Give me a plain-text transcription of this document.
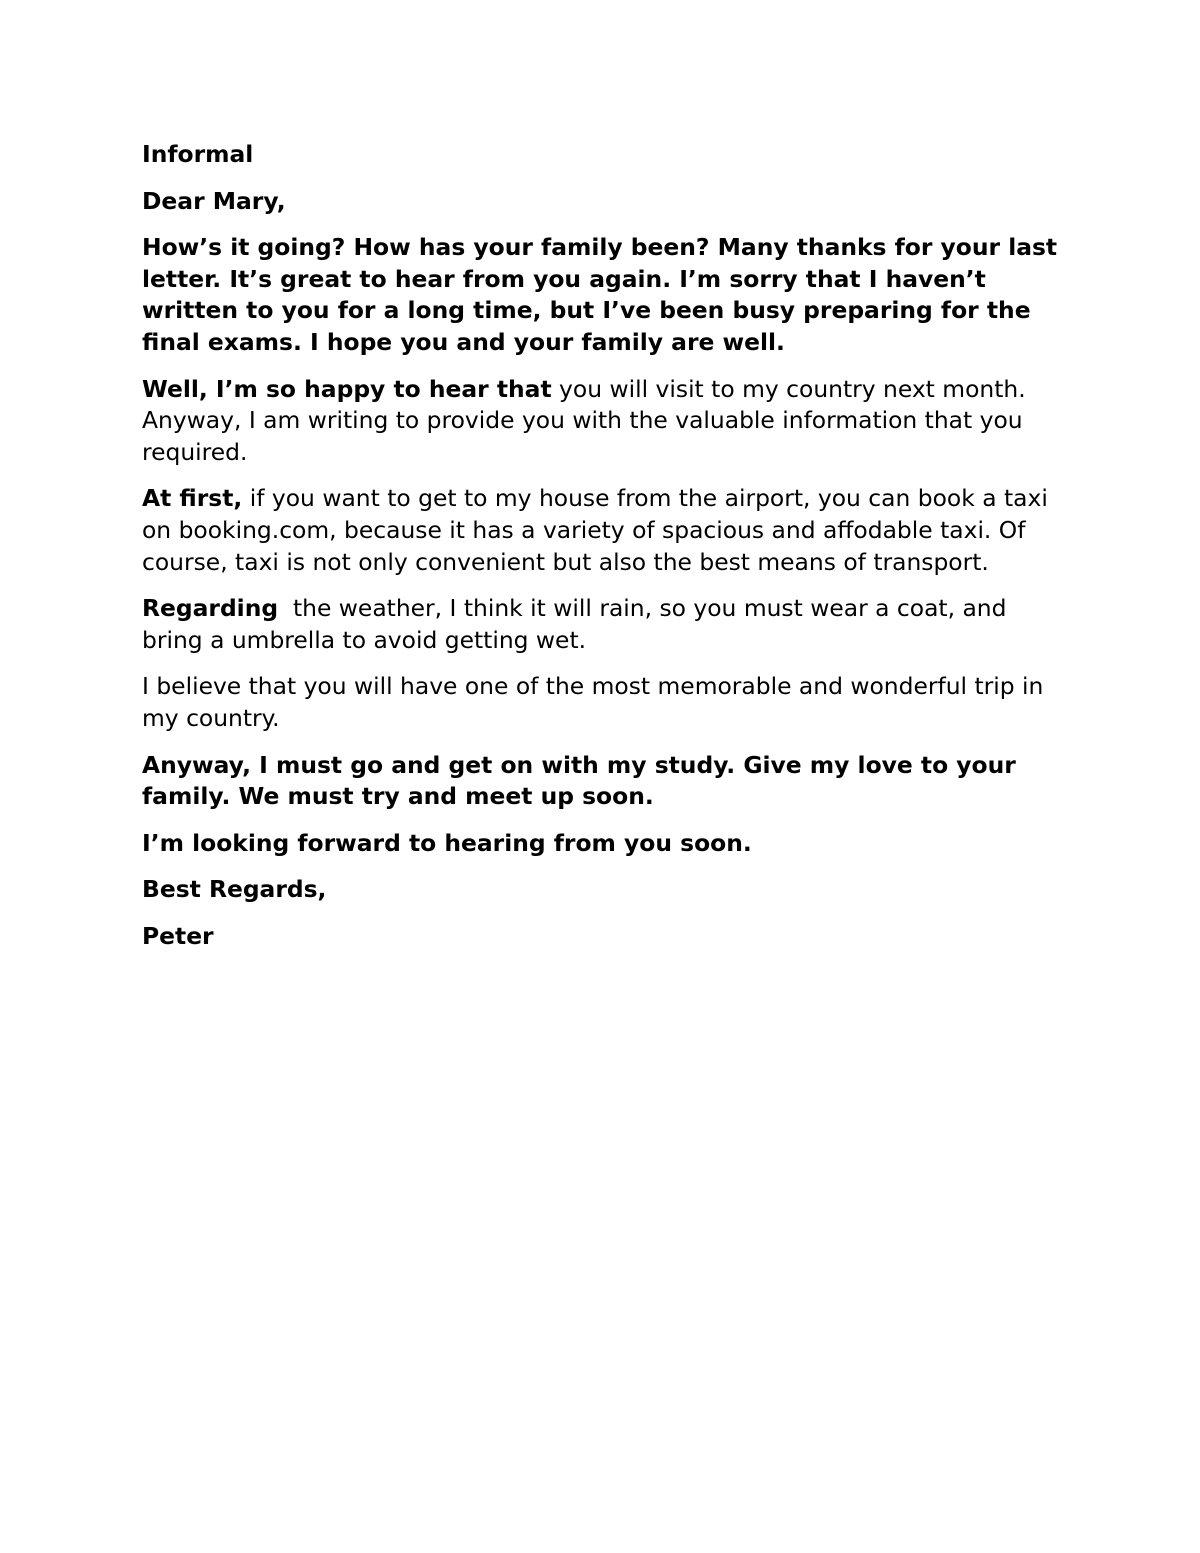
Informal

Dear Mary,

How’s it going? How has your family been? Many thanks for your last letter. It’s great to hear from you again. I’m sorry that I haven’t written to you for a long time, but I’ve been busy preparing for the final exams. I hope you and your family are well.

Well, I’m so happy to hear that you will visit to my country next month. Anyway, I am writing to provide you with the valuable information that you required.

At first, if you want to get to my house from the airport, you can book a taxi on booking.com, because it has a variety of spacious and affodable taxi. Of course, taxi is not only convenient but also the best means of transport.

Regarding  the weather, I think it will rain, so you must wear a coat, and bring a umbrella to avoid getting wet.

I believe that you will have one of the most memorable and wonderful trip in my country.

Anyway, I must go and get on with my study. Give my love to your family. We must try and meet up soon.

I’m looking forward to hearing from you soon.

Best Regards,

Peter
